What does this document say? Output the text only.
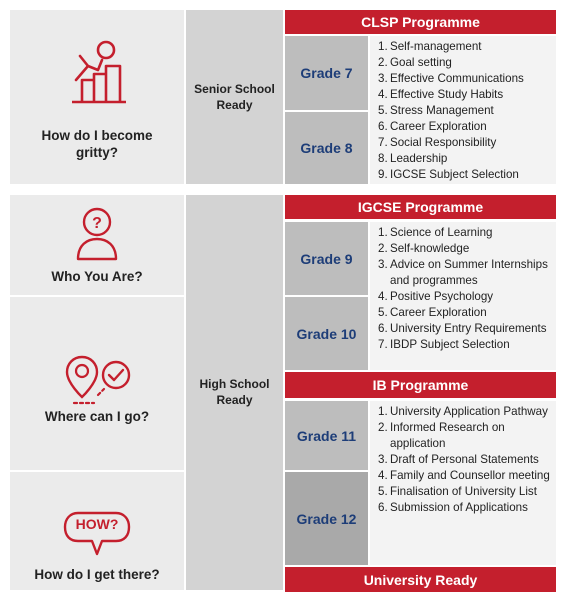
How do I become gritty?
Senior School Ready
CLSP Programme
Grade 7
Grade 8
1. Self-management
2. Goal setting
3. Effective Communications
4. Effective Study Habits
5. Stress Management
6. Career Exploration
7. Social Responsibility
8. Leadership
9. IGCSE Subject Selection
?
Who You Are?
Where can I go?
HOW?
How do I get there?
High School Ready
IGCSE Programme
Grade 9
Grade 10
1. Science of Learning
2. Self-knowledge
3. Advice on Summer Internships and programmes
4. Positive Psychology
5. Career Exploration
6. University Entry Requirements
7. IBDP Subject Selection
IB Programme
Grade 11
Grade 12
1. University Application Pathway
2. Informed Research on application
3. Draft of Personal Statements
4. Family and Counsellor meeting
5. Finalisation of University List
6. Submission of Applications
University Ready
